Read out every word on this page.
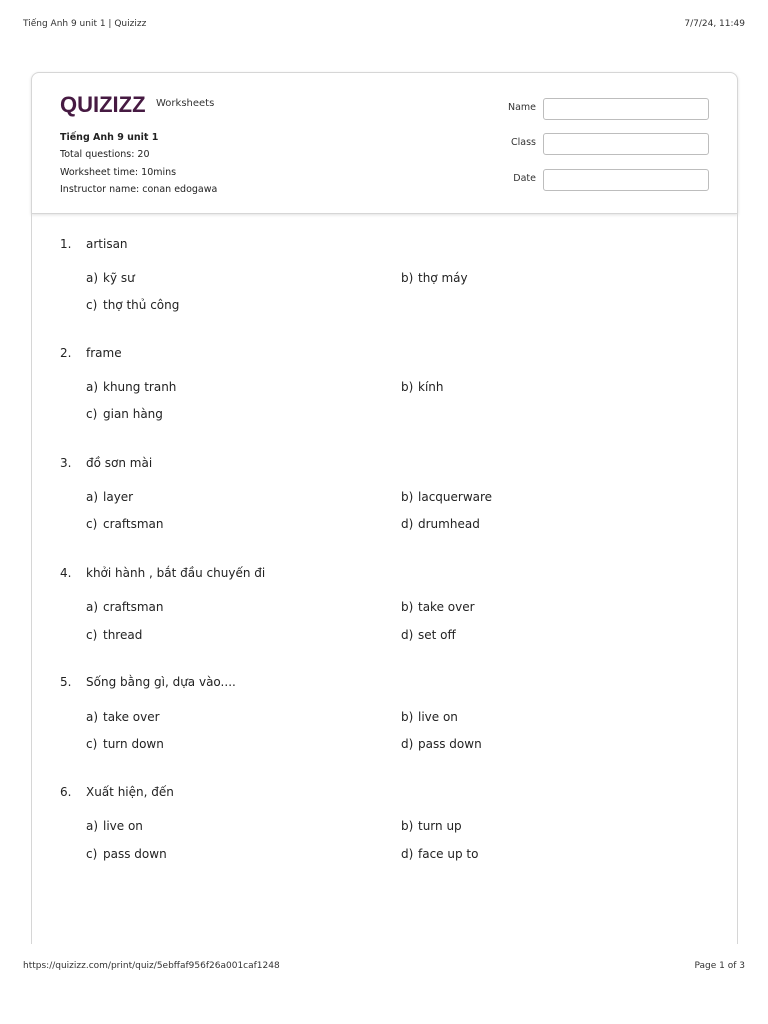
Tiếng Anh 9 unit 1 | Quizizz	7/7/24, 11:49
QUIZIZZ Worksheets
Tiếng Anh 9 unit 1
Total questions: 20
Worksheet time: 10mins
Instructor name: conan edogawa
Name
Class
Date
1. artisan
a) kỹ sư	b) thợ máy
c) thợ thủ công
2. frame
a) khung tranh	b) kính
c) gian hàng
3. đồ sơn mài
a) layer	b) lacquerware
c) craftsman	d) drumhead
4. khởi hành , bắt đầu chuyến đi
a) craftsman	b) take over
c) thread	d) set off
5. Sống bằng gì, dựa vào....
a) take over	b) live on
c) turn down	d) pass down
6. Xuất hiện, đến
a) live on	b) turn up
c) pass down	d) face up to
https://quizizz.com/print/quiz/5ebffaf956f26a001caf1248	Page 1 of 3
